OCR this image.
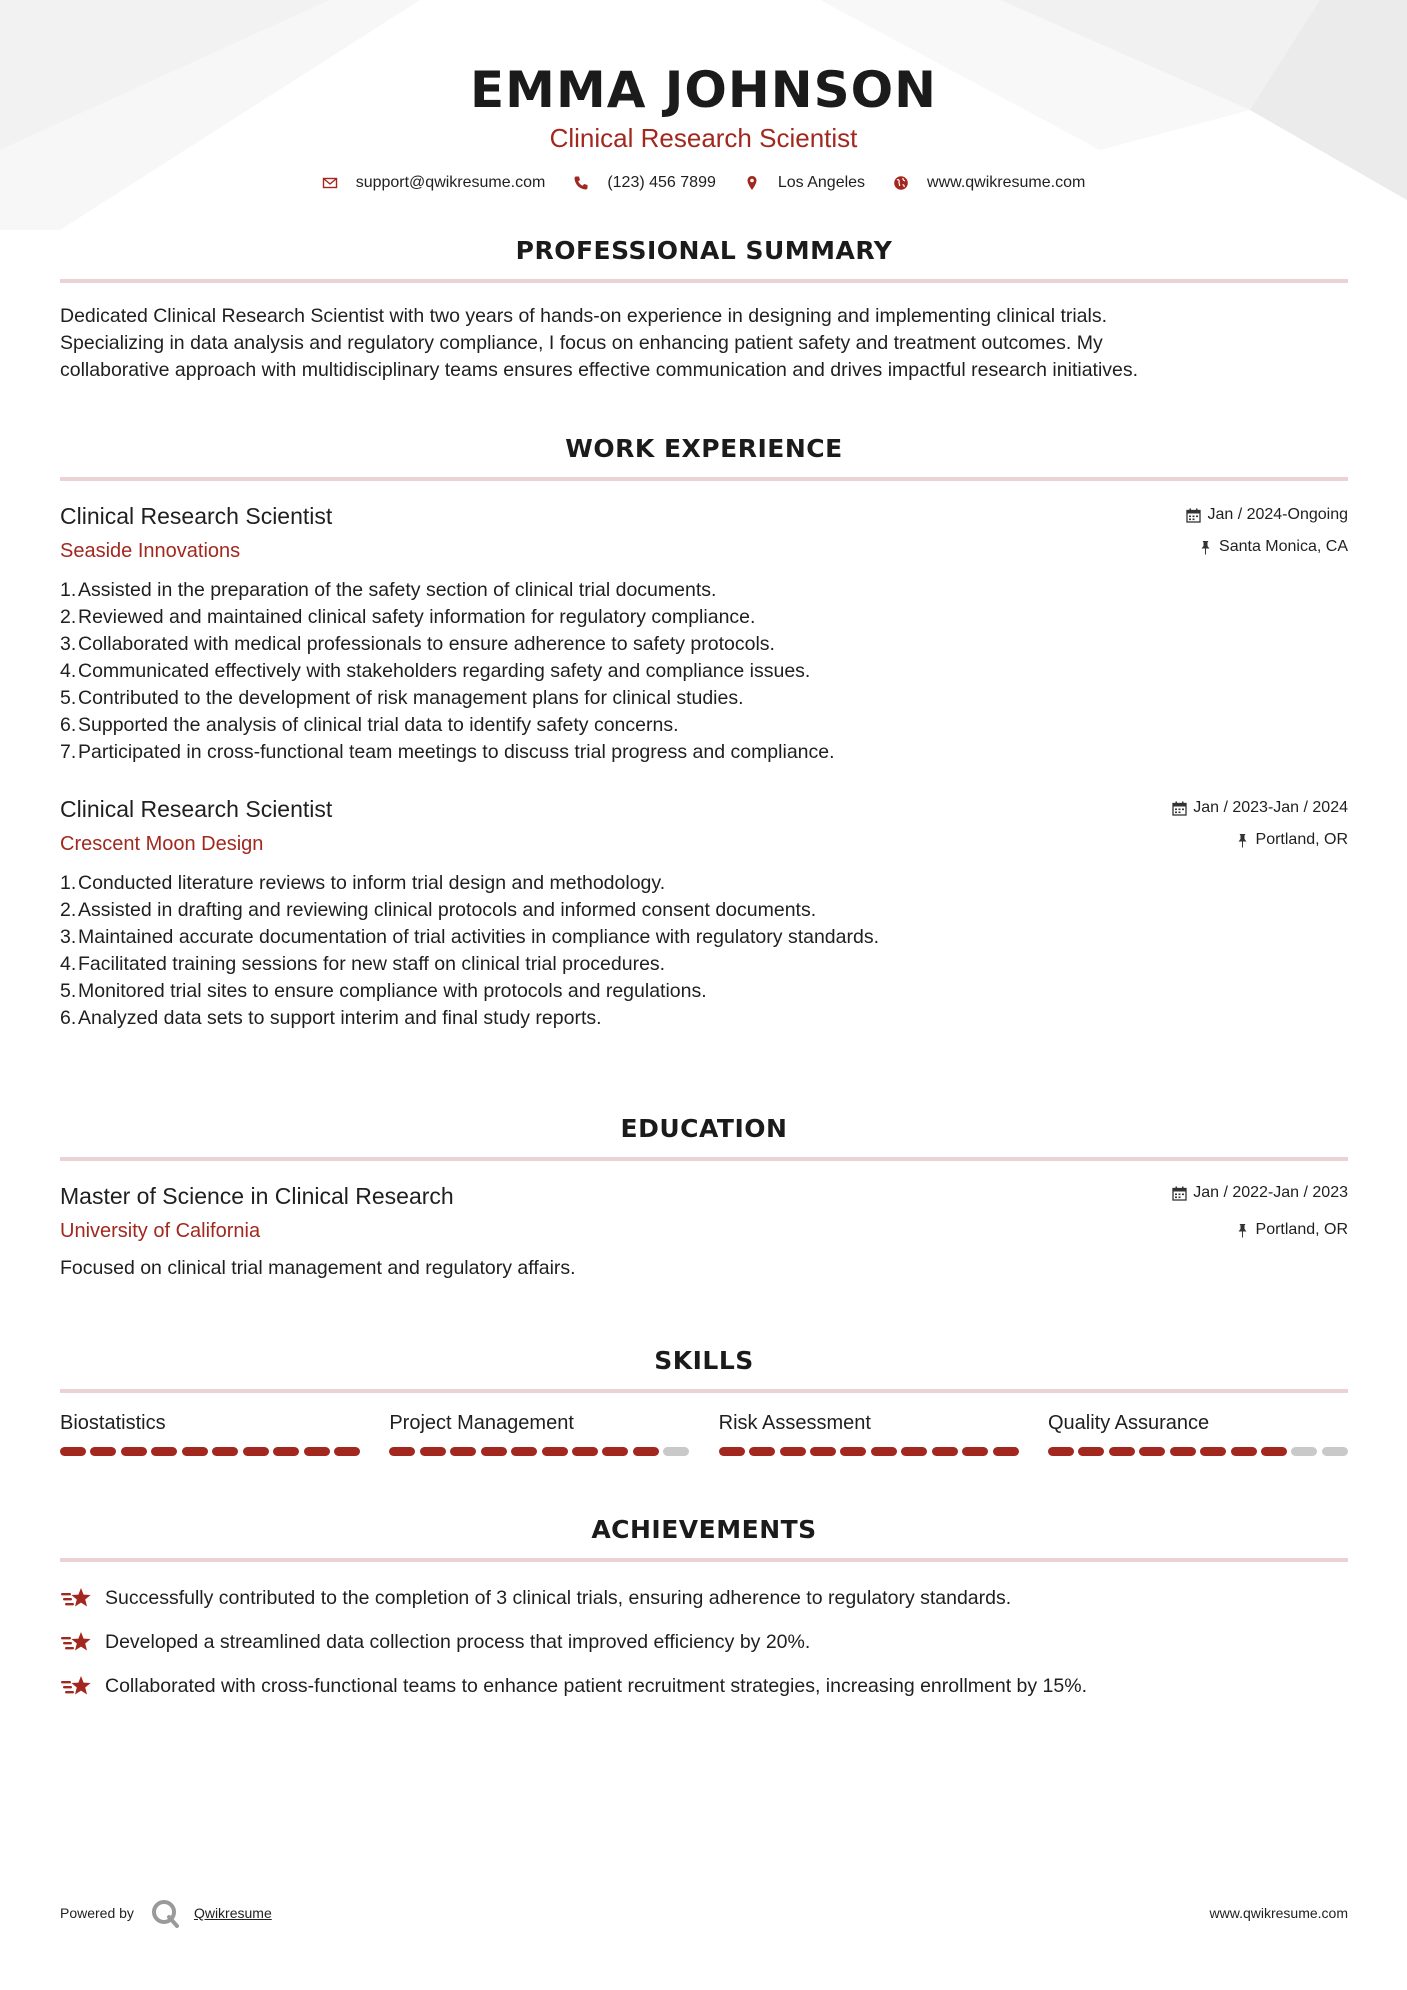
EMMA JOHNSON
Clinical Research Scientist
support@qwikresume.com	(123) 456 7899	Los Angeles	www.qwikresume.com
PROFESSIONAL SUMMARY
Dedicated Clinical Research Scientist with two years of hands-on experience in designing and implementing clinical trials.
Specializing in data analysis and regulatory compliance, I focus on enhancing patient safety and treatment outcomes. My
collaborative approach with multidisciplinary teams ensures effective communication and drives impactful research initiatives.
WORK EXPERIENCE
Jan / 2024-Ongoing
Santa Monica, CA
Clinical Research Scientist
Seaside Innovations
1. Assisted in the preparation of the safety section of clinical trial documents.
2. Reviewed and maintained clinical safety information for regulatory compliance.
3. Collaborated with medical professionals to ensure adherence to safety protocols.
4. Communicated effectively with stakeholders regarding safety and compliance issues.
5. Contributed to the development of risk management plans for clinical studies.
6. Supported the analysis of clinical trial data to identify safety concerns.
7. Participated in cross-functional team meetings to discuss trial progress and compliance.
Jan / 2023-Jan / 2024
Portland, OR
Clinical Research Scientist
Crescent Moon Design
1. Conducted literature reviews to inform trial design and methodology.
2. Assisted in drafting and reviewing clinical protocols and informed consent documents.
3. Maintained accurate documentation of trial activities in compliance with regulatory standards.
4. Facilitated training sessions for new staff on clinical trial procedures.
5. Monitored trial sites to ensure compliance with protocols and regulations.
6. Analyzed data sets to support interim and final study reports.
EDUCATION
Jan / 2022-Jan / 2023
Portland, OR
Master of Science in Clinical Research
University of California
Focused on clinical trial management and regulatory affairs.
SKILLS
Biostatistics	Project Management	Risk Assessment	Quality Assurance
ACHIEVEMENTS
Successfully contributed to the completion of 3 clinical trials, ensuring adherence to regulatory standards.
Developed a streamlined data collection process that improved efficiency by 20%.
Collaborated with cross-functional teams to enhance patient recruitment strategies, increasing enrollment by 15%.
Powered by	Qwikresume	www.qwikresume.com
